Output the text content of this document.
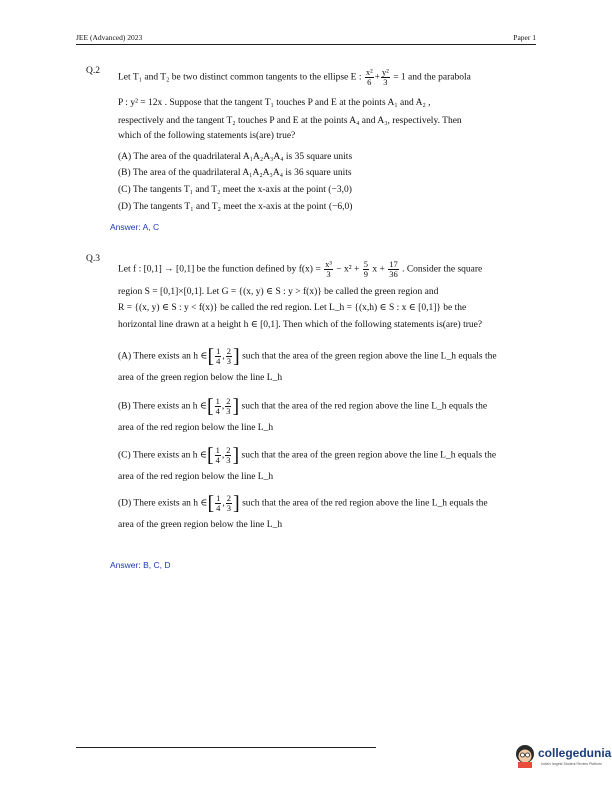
JEE (Advanced) 2023	Paper 1
Q.2
Let T₁ and T₂ be two distinct common tangents to the ellipse E : $\frac{\text{x²}}{6} + \frac{\text{y²}}{3} = 1$ and the parabola
P : y² = 12x . Suppose that the tangent T₁ touches P and E at the points A₁ and A₂ ,
respectively and the tangent T₂ touches P and E at the points A₄ and A₃, respectively. Then
which of the following statements is(are) true?
(A) The area of the quadrilateral A₁A₂A₃A₄ is 35 square units
(B) The area of the quadrilateral A₁A₂A₃A₄ is 36 square units
(C) The tangents T₁ and T₂ meet the x-axis at the point (−3,0)
(D) The tangents T₁ and T₂ meet the x-axis at the point (−6,0)
Answer: A, C
Q.3
Let f : [0,1] → [0,1] be the function defined by $f(x) = \frac{\text{x³}}{3} - x^2 + \frac{5}{9}$ $x + \frac{17}{36}$ . Consider the square
region S = [0,1]×[0,1]. Let G = {(x, y) ∈ S : y > f(x)} be called the green region and
R = {(x, y) ∈ S : y < f(x)} be called the red region. Let L_h = {(x,h) ∈ S : x ∈ [0,1]} be the
horizontal line drawn at a height h ∈ [0,1]. Then which of the following statements is(are) true?
(A) There exists an h ∈[ $\frac{1}{4}$ , $\frac{2}{3}$ ] such that the area of the green region above the line L_h equals the
area of the green region below the line L_h
(B) There exists an h ∈[ $\frac{1}{4}$ , $\frac{2}{3}$ ] such that the area of the red region above the line L_h equals the
area of the red region below the line L_h
(C) There exists an h ∈[ $\frac{1}{4}$ , $\frac{2}{3}$ ] such that the area of the green region above the line L_h equals the
area of the red region below the line L_h
(D) There exists an h ∈[ $\frac{1}{4}$ , $\frac{2}{3}$ ] such that the area of the red region above the line L_h equals the
area of the green region below the line L_h
Answer: B, C, D
collegedunia
India's largest Student Review Platform
